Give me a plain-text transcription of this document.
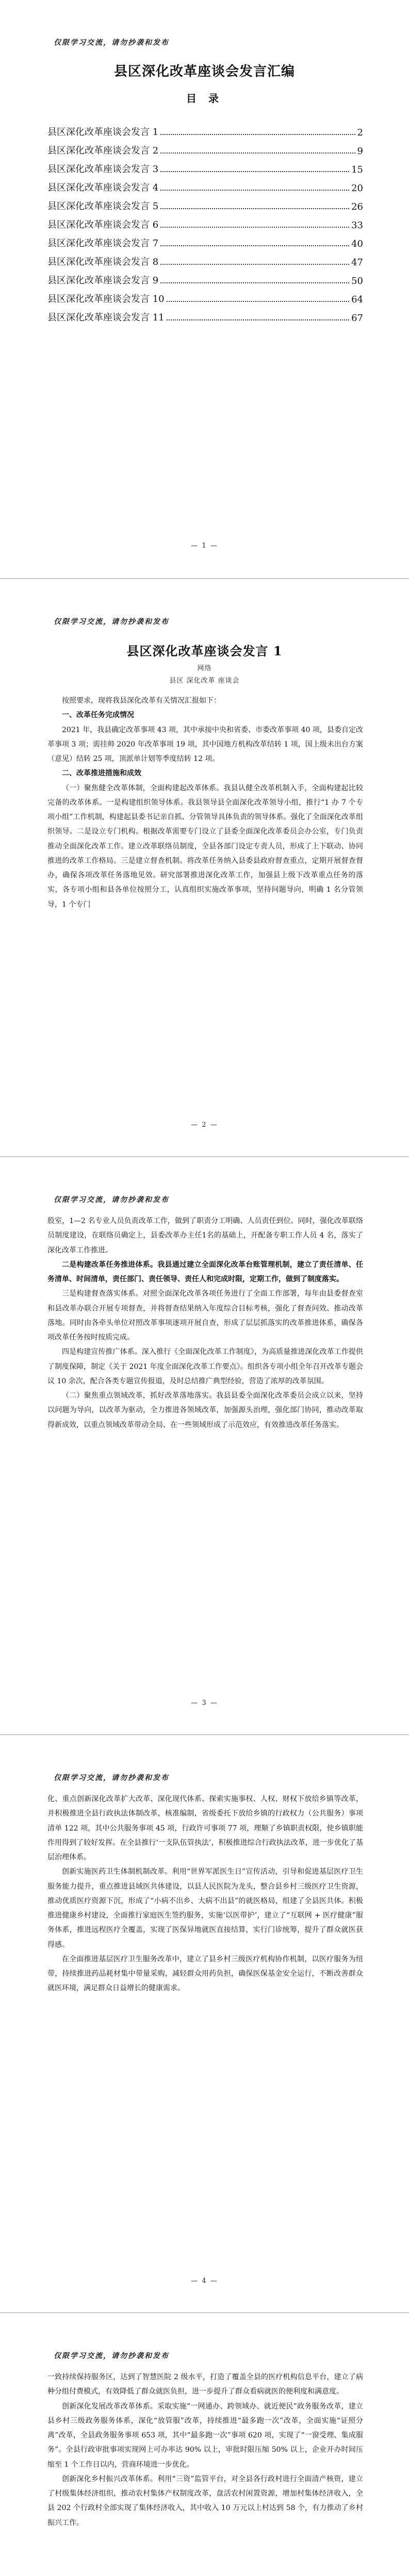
仅限学习交流，请勿抄袭和发布
县区深化改革座谈会发言汇编
目 录
县区深化改革座谈会发言 1	2
县区深化改革座谈会发言 2	9
县区深化改革座谈会发言 3	15
县区深化改革座谈会发言 4	20
县区深化改革座谈会发言 5	26
县区深化改革座谈会发言 6	33
县区深化改革座谈会发言 7	40
县区深化改革座谈会发言 8	47
县区深化改革座谈会发言 9	50
县区深化改革座谈会发言 10	64
县区深化改革座谈会发言 11	67
— 1 —
仅限学习交流，请勿抄袭和发布
县区深化改革座谈会发言 1
网络
县区 深化改革 座谈会

按照要求，现将我县深化改革有关情况汇报如下：

一、改革任务完成情况

2021 年，我县确定改革事项 43 项，其中承接中央和省委、市委改革事项 40 项，县委自定改革事项 3 项；需挂帅 2020 年改革事项 19 项，其中国地方机构改革结转 1 项，国上级未出台方案（意见）结转 25 项，顶派单计划等季度结转 12 项。

二、改革推进措施和成效

（一）聚焦健全改革体制，全面构建起改革体系。我县认健全改革机制入手，全面构建起比较完备的改革体系。一是构建组织领导体系。我县领导县全面深化改革领导小组，推行“1 办 7 个专项小组”工作机制，构建起县委书记亲自抓、分管领导具体负责的领导体系。强化了全面深化改革组织领导。二是设立专门机构。根据改革需要专门设立了县委全面深化改革委员会办公室，专门负责推动全面深化改革工作。建立改革联络员制度，全县各部门设定专责人员，形成了上下联动、协同推进的改革工作格局。三是建立督查机制。将改革任务纳入县委县政府督查重点，定期开展督查督办，确保各项改革任务落地见效。研究部署推进深化改革工作，加强县上级下改革重点任务的落实，各专项小组和县各单位按照分工，认真组织实施改革事项，坚持问题导向，明确 1 名分管领导，1 个专门

— 2 —
仅限学习交流，请勿抄袭和发布

股室，1—2 名专业人员负责改革工作，做到了职责分工明确、人员责任到位。同时，强化改革联络员制度建设，在联络员确定上，县委改革办主任1名的基础上，开配备专职工作人员 4 名，落实了深化改革工作推进。

二是构建改革任务推进体系。我县通过建立全面深化改革台账管理机制，建立了责任清单、任务清单、时间清单，责任部门、责任领导、责任人和完成时限，定期工作，做到了制度落实。

三是构建督查落实体系。对照全面深化改革各项任务进行了全面工作部署，每年由县委督查室和县改革办联合开展专项督查，并将督查结果纳入年度综合目标考核，强化了督查问效、推动改革落地。同时由各牵头单位对照改革事项逐项开展自查，形成了层层抓落实的改革推进体系，确保各项改革任务按时按质完成。

四是构建宣传推广体系。深入推行《全面深化改革工作制度》，为高质量推进深化改革工作提供了制度保障，制定《关于 2021 年度全面深化改革工作要点》。组织各专项小组全年召开改革专题会议 10 余次，配合各类专题宣传报道，及时总结推广典型经验，营造了浓厚的改革氛围。

（二）聚焦重点领域改革，抓好改革落地落实。我县县委全面深化改革委员会成立以来，坚持以问题为导向，以改革为驱动，全力推进各领域改革，加强源头治理，强化部门协同，推动改革取得新成效，以重点领域改革带动全局、在一些领域形成了示范效应，有效推进改革任务落实。

— 3 —
仅限学习交流，请勿抄袭和发布

化、重点创新深化改革扩大改革、深化现代体系、探索实施事权、人权、财权下放给乡镇等改革，并积极推进全县行政执法体制改革，核准编制，省级委托下放给乡镇的行政权力（公共服务）事项清单 122 项，其中公共服务事项 45 项，行政许可事项 77 项，理顺了乡镇职责权限，使乡镇职能作用得到了较好发挥。在全县推行‘一支队伍管执法’，积极推进综合行政执法改革，进一步优化了基层治理体系。

创新实施医药卫生体制机制改革。利用“世界军派医生日”宣传活动，引导和促进基层医疗卫生服务能力提升，重点推进县域医共体建设，以县人民医院为龙头，整合县乡村三级医疗卫生资源，推动优质医疗资源下沉，形成了“小病不出乡、大病不出县”的就医格局，组建了全县医共体。积极推进健康乡村建设，全面推行家庭医生签约服务，实施‘以医带护’，建立了“互联网 + 医疗健康”服务体系，推进远程医疗全覆盖，实现了医保异地就医直接结算，实行门诊统筹，提升了群众就医获得感。

在全面推进基层医疗卫生服务改革中，建立了县乡村三级医疗机构协作机制，以医疗服务为纽带，持续推进药品耗材集中带量采购，减轻群众用药负担，确保医保基金安全运行，不断改善群众就医环境，满足群众日益增长的健康需求。

— 4 —
仅限学习交流，请勿抄袭和发布

一致持续保持服务区，达到了智慧医院 2 级水平，打造了覆盖全县的医疗机构信息平台，建立了病种分组付费模式，有效降低了群众就医负担，进一步提升了群众看病就医的便利度和满意度。

创新深化发展改革改革体系。采取实施“一网通办、跨领域办、就近便民”政务服务改革，建立县乡村三级政务服务体系，深化“放管服”改革，持续推进“最多跑一次”改革，全面实施“证照分离”改革，全县政务服务事项 653 项，其中“最多跑一次”事项 620 项，实现了“一窗受理、集成服务”。全县行政审批事项实现网上可办率达 90% 以上，审批时限压缩 50% 以上，企业开办时间压缩至 1 个工作日以内，营商环境进一步优化。

创新深化乡村振兴改革体系。利用“三资”监管平台，对全县各行政村进行全面清产核资，建立了村级集体经济组织，推动农村集体产权制度改革，盘活农村闲置资源，增加村集体经济收入，全县 202 个行政村全部实现了集体经济收入，其中收入 10 万元以上村达到 58 个，有力推动了乡村振兴工作。
